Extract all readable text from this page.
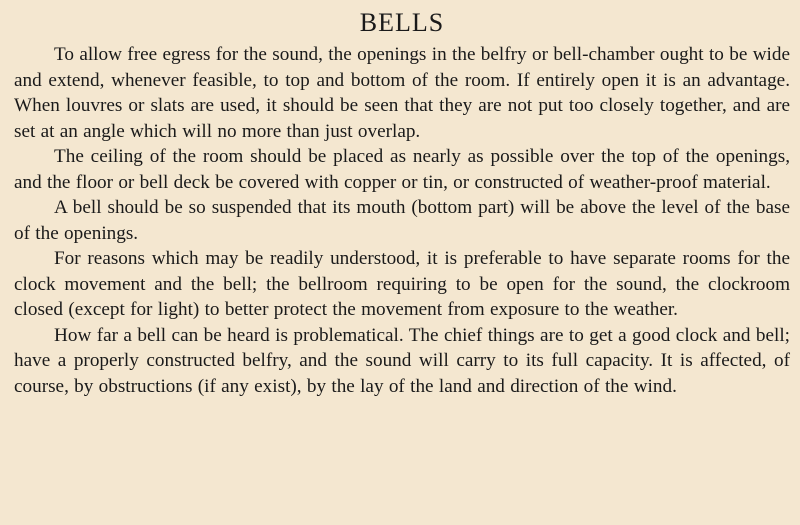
BELLS

To allow free egress for the sound, the openings in the belfry or bell-chamber ought to be wide and extend, whenever feasible, to top and bottom of the room. If entirely open it is an advantage. When louvres or slats are used, it should be seen that they are not put too closely together, and are set at an angle which will no more than just overlap.

The ceiling of the room should be placed as nearly as possible over the top of the openings, and the floor or bell deck be covered with copper or tin, or constructed of weather-proof material.

A bell should be so suspended that its mouth (bottom part) will be above the level of the base of the openings.

For reasons which may be readily understood, it is preferable to have separate rooms for the clock movement and the bell; the bellroom requiring to be open for the sound, the clockroom closed (except for light) to better protect the movement from exposure to the weather.

How far a bell can be heard is problematical. The chief things are to get a good clock and bell; have a properly constructed belfry, and the sound will carry to its full capacity. It is affected, of course, by obstructions (if any exist), by the lay of the land and direction of the wind.
